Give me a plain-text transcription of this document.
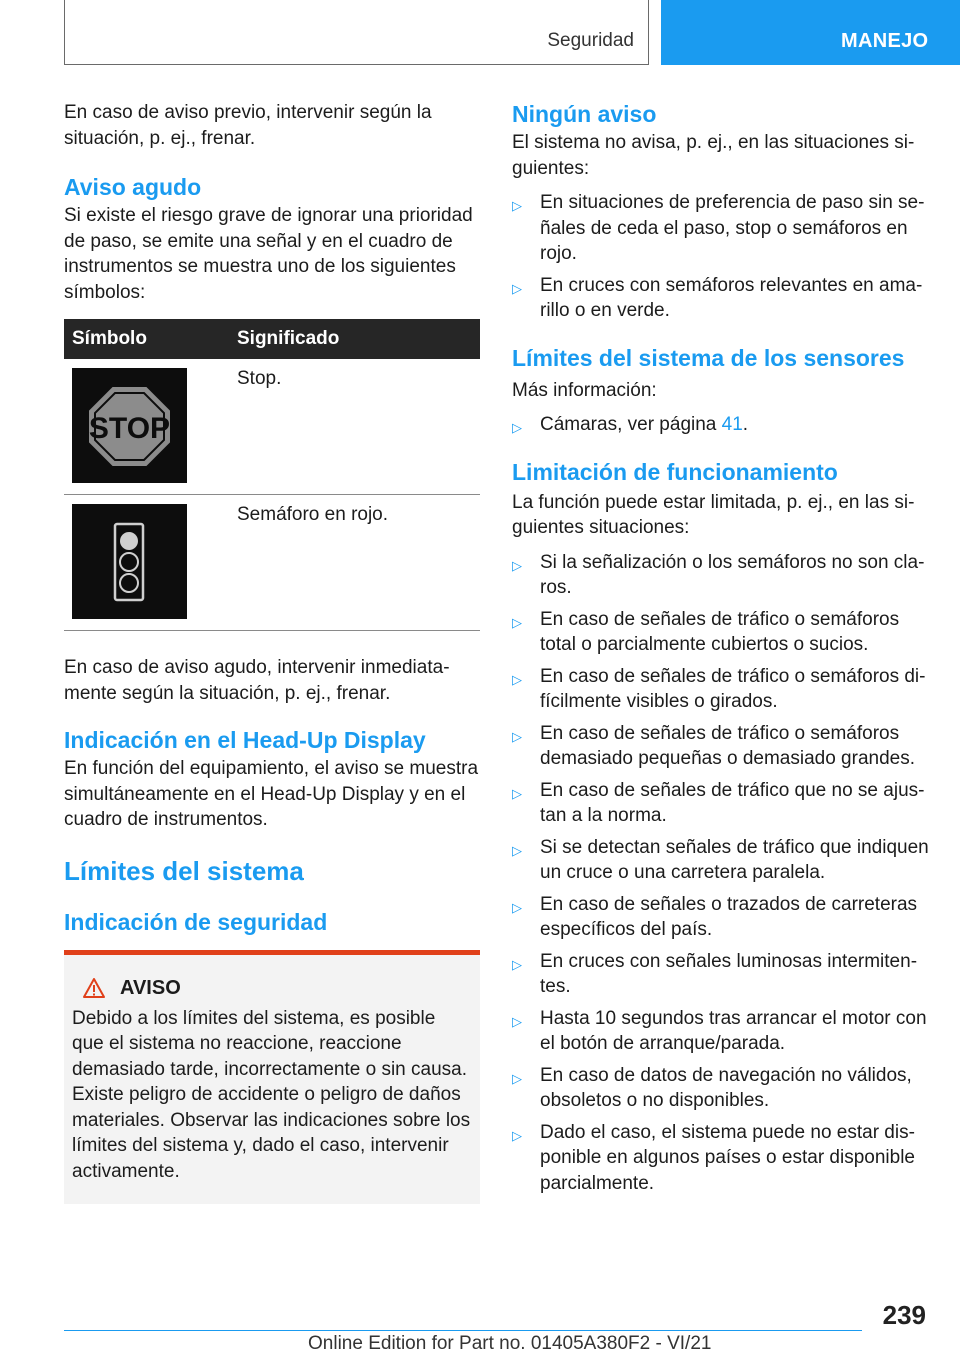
Seguridad	MANEJO

En caso de aviso previo, intervenir según la situación, p. ej., frenar.

Aviso agudo

Si existe el riesgo grave de ignorar una prioridad de paso, se emite una señal y en el cuadro de instrumentos se muestra uno de los siguientes símbolos:

Símbolo	Significado
STOP
Stop.
Semáforo en rojo.

En caso de aviso agudo, intervenir inmediatamente según la situación, p. ej., frenar.

Indicación en el Head-Up Display

En función del equipamiento, el aviso se muestra simultáneamente en el Head-Up Display y en el cuadro de instrumentos.

Límites del sistema
Indicación de seguridad
AVISO

Debido a los límites del sistema, es posible que el sistema no reaccione, reaccione demasiado tarde, incorrectamente o sin causa. Existe peligro de accidente o peligro de daños materiales. Observar las indicaciones sobre los límites del sistema y, dado el caso, intervenir activamente.

Ningún aviso

El sistema no avisa, p. ej., en las situaciones siguientes:

▷ En situaciones de preferencia de paso sin señales de ceda el paso, stop o semáforos en rojo.
▷ En cruces con semáforos relevantes en amarillo o en verde.
Límites del sistema de los sensores

Más información:

▷ Cámaras, ver página 41.
Limitación de funcionamiento

La función puede estar limitada, p. ej., en las siguientes situaciones:

▷ Si la señalización o los semáforos no son claros.
▷ En caso de señales de tráfico o semáforos total o parcialmente cubiertos o sucios.
▷ En caso de señales de tráfico o semáforos difícilmente visibles o girados.
▷ En caso de señales de tráfico o semáforos demasiado pequeñas o demasiado grandes.
▷ En caso de señales de tráfico que no se ajustan a la norma.
▷ Si se detectan señales de tráfico que indiquen un cruce o una carretera paralela.
▷ En caso de señales o trazados de carreteras específicos del país.
▷ En cruces con señales luminosas intermitentes.
▷ Hasta 10 segundos tras arrancar el motor con el botón de arranque/parada.
▷ En caso de datos de navegación no válidos, obsoletos o no disponibles.
▷ Dado el caso, el sistema puede no estar disponible en algunos países o estar disponible parcialmente.
239
Online Edition for Part no. 01405A380F2 - VI/21
